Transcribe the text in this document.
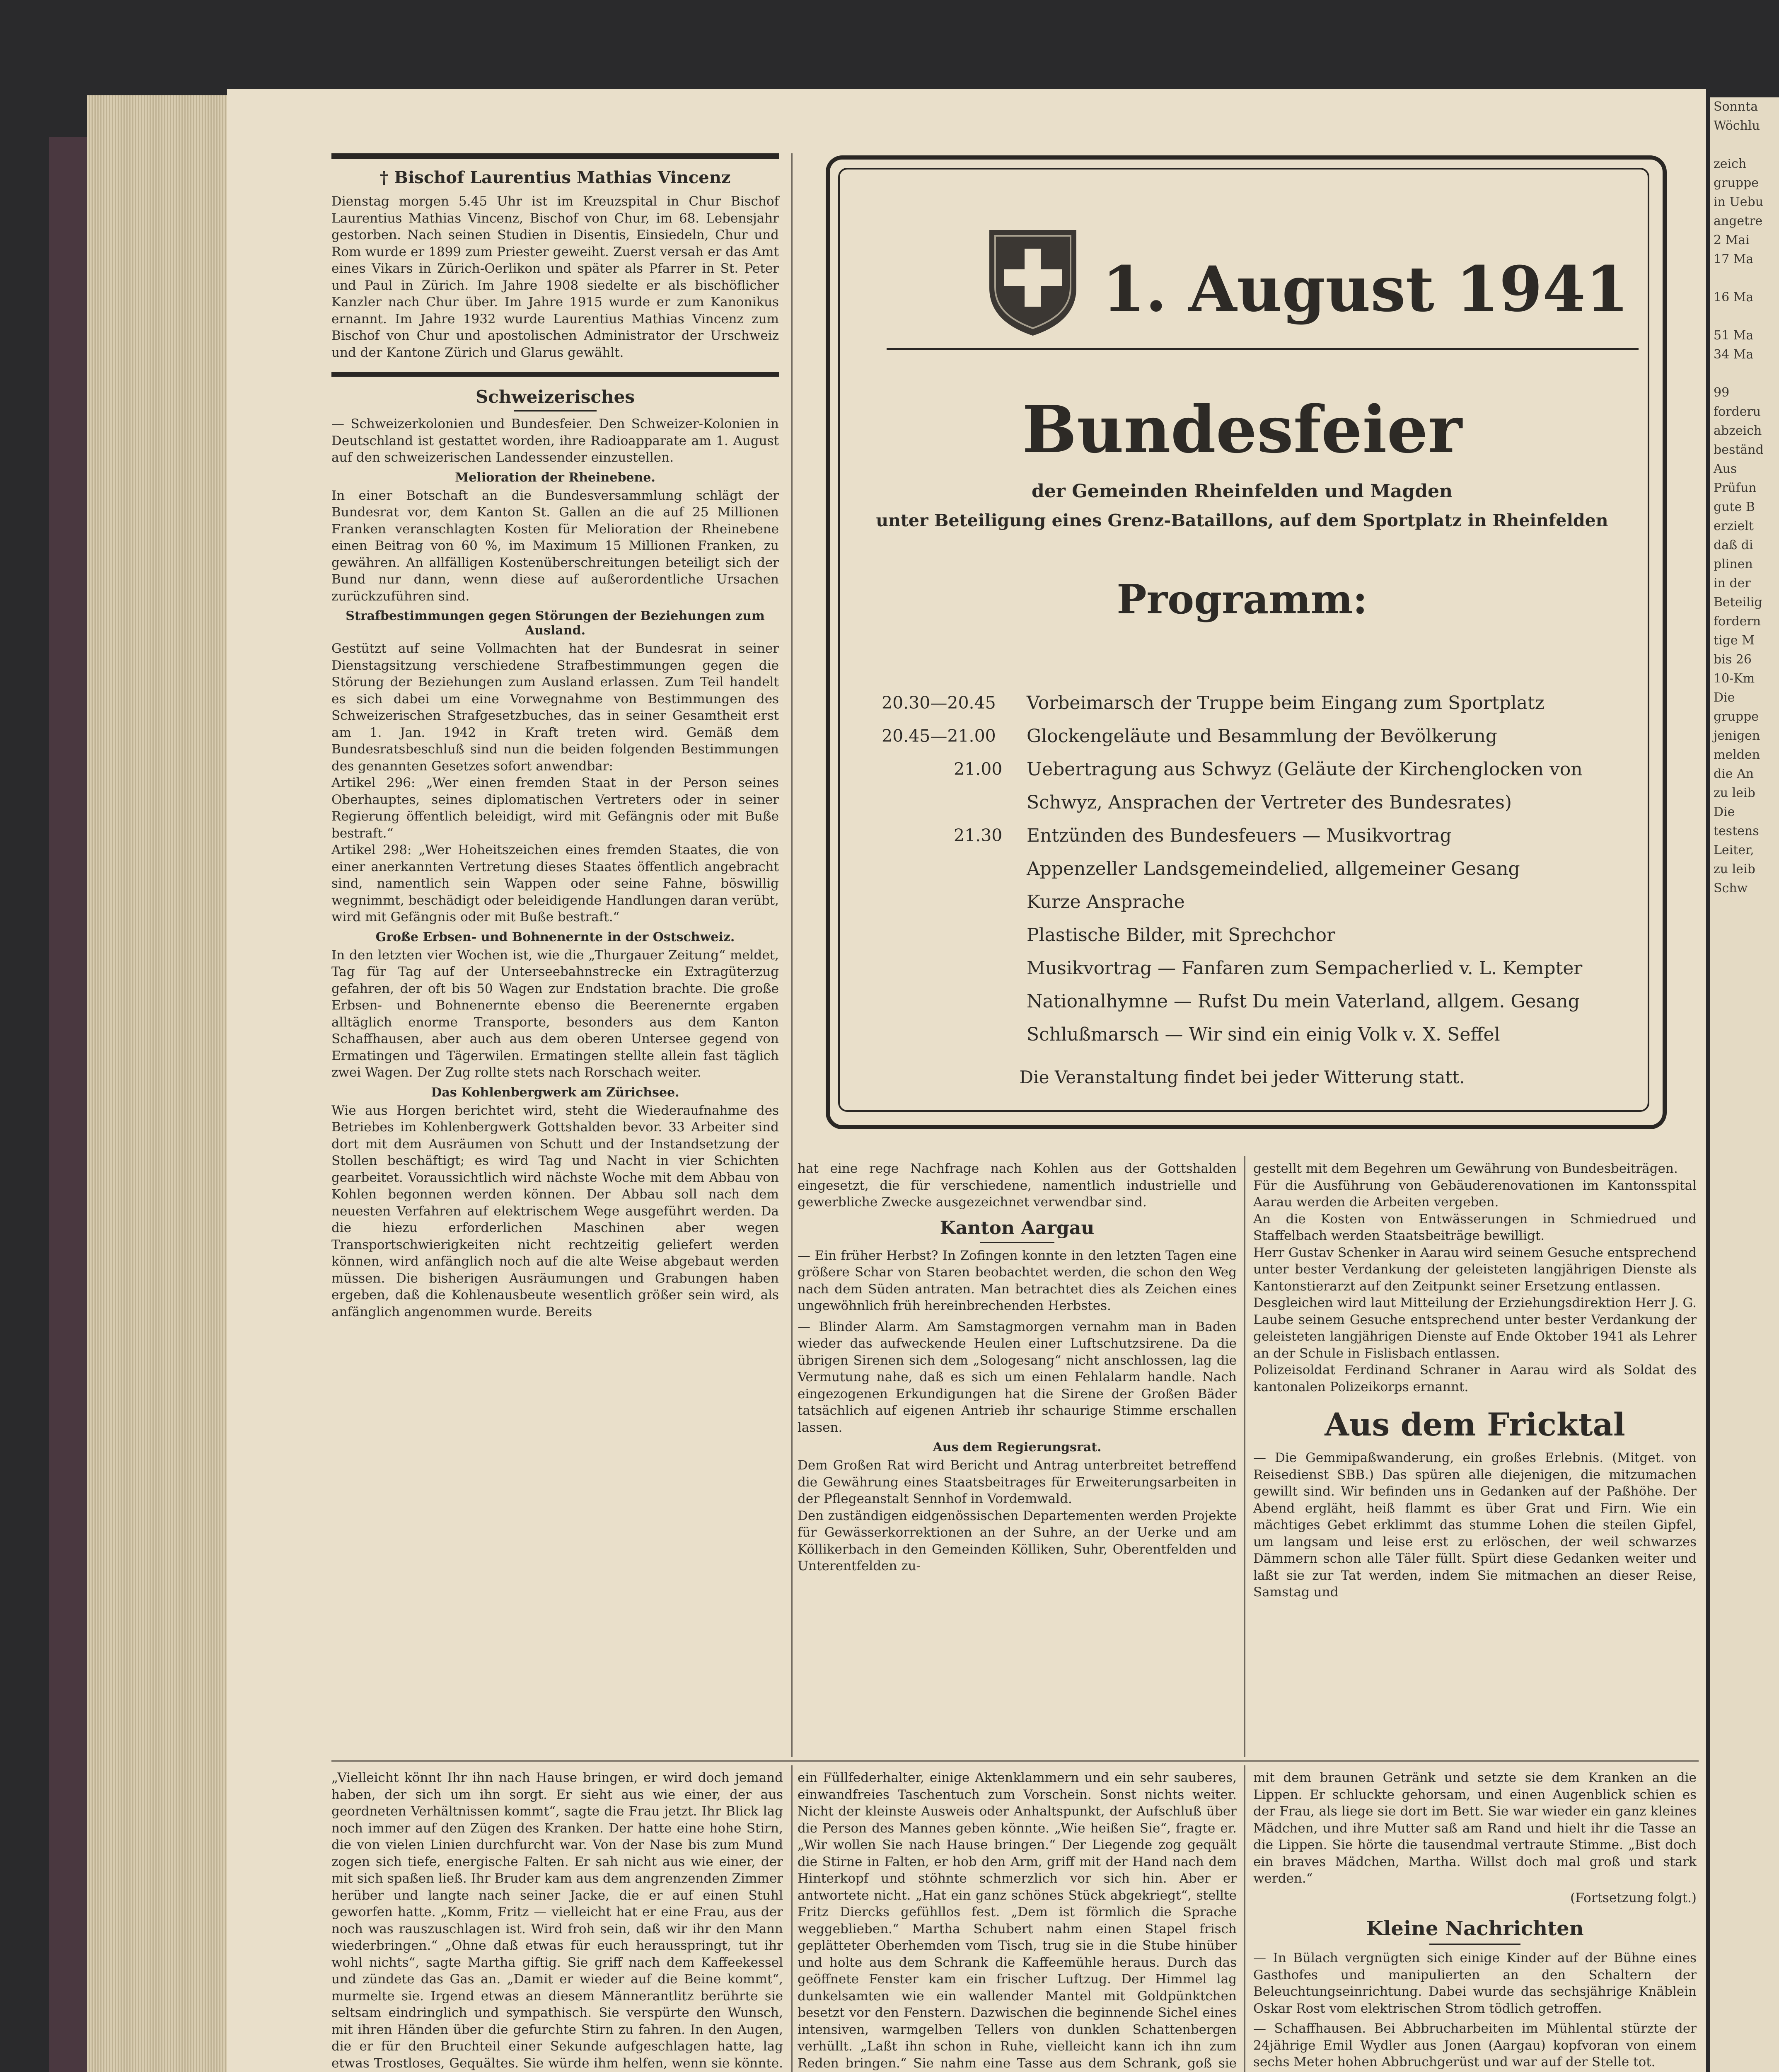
Sonnta
Wöchlu

zeich
gruppe
in Uebu
angetre
2 Mai
17 Ma

16 Ma

51 Ma
34 Ma

99
forderu
abzeich
beständ
Aus
Prüfun
gute B
erzielt
daß di
plinen
in der
Beteilig
fordern
tige M
bis 26
10-Km
Die
gruppe
jenigen
melden
die An
zu leib
Die
testens
Leiter,
zu leib
Schw

† Bischof Laurentius Mathias Vincenz

Dienstag morgen 5.45 Uhr ist im Kreuzspital in Chur Bischof Laurentius Mathias Vincenz, Bischof von Chur, im 68. Lebensjahr gestorben. Nach seinen Studien in Disentis, Einsiedeln, Chur und Rom wurde er 1899 zum Priester geweiht. Zuerst versah er das Amt eines Vikars in Zürich-Oerlikon und später als Pfarrer in St. Peter und Paul in Zürich. Im Jahre 1908 siedelte er als bischöflicher Kanzler nach Chur über. Im Jahre 1915 wurde er zum Kanonikus ernannt. Im Jahre 1932 wurde Laurentius Mathias Vincenz zum Bischof von Chur und apostolischen Administrator der Urschweiz und der Kantone Zürich und Glarus gewählt.

Schweizerisches

— Schweizerkolonien und Bundesfeier. Den Schweizer-Kolonien in Deutschland ist gestattet worden, ihre Radioapparate am 1. August auf den schweizerischen Landessender einzustellen.

Melioration der Rheinebene.

In einer Botschaft an die Bundesversammlung schlägt der Bundesrat vor, dem Kanton St. Gallen an die auf 25 Millionen Franken veranschlagten Kosten für Melioration der Rheinebene einen Beitrag von 60 %, im Maximum 15 Millionen Franken, zu gewähren. An allfälligen Kostenüberschreitungen beteiligt sich der Bund nur dann, wenn diese auf außerordentliche Ursachen zurückzuführen sind.

Strafbestimmungen gegen Störungen der Beziehungen zum Ausland.

Gestützt auf seine Vollmachten hat der Bundesrat in seiner Dienstagsitzung verschiedene Strafbestimmungen gegen die Störung der Beziehungen zum Ausland erlassen. Zum Teil handelt es sich dabei um eine Vorwegnahme von Bestimmungen des Schweizerischen Strafgesetzbuches, das in seiner Gesamtheit erst am 1. Jan. 1942 in Kraft treten wird. Gemäß dem Bundesratsbeschluß sind nun die beiden folgenden Bestimmungen des genannten Gesetzes sofort anwendbar:

Artikel 296: „Wer einen fremden Staat in der Person seines Oberhauptes, seines diplomatischen Vertreters oder in seiner Regierung öffentlich beleidigt, wird mit Gefängnis oder mit Buße bestraft.“

Artikel 298: „Wer Hoheitszeichen eines fremden Staates, die von einer anerkannten Vertretung dieses Staates öffentlich angebracht sind, namentlich sein Wappen oder seine Fahne, böswillig wegnimmt, beschädigt oder beleidigende Handlungen daran verübt, wird mit Gefängnis oder mit Buße bestraft.“

Große Erbsen- und Bohnenernte in der Ostschweiz.

In den letzten vier Wochen ist, wie die „Thurgauer Zeitung“ meldet, Tag für Tag auf der Unterseebahnstrecke ein Extragüterzug gefahren, der oft bis 50 Wagen zur Endstation brachte. Die große Erbsen- und Bohnenernte ebenso die Beerenernte ergaben alltäglich enorme Transporte, besonders aus dem Kanton Schaffhausen, aber auch aus dem oberen Untersee gegend von Ermatingen und Tägerwilen. Ermatingen stellte allein fast täglich zwei Wagen. Der Zug rollte stets nach Rorschach weiter.

Das Kohlenbergwerk am Zürichsee.

Wie aus Horgen berichtet wird, steht die Wiederaufnahme des Betriebes im Kohlenbergwerk Gottshalden bevor. 33 Arbeiter sind dort mit dem Ausräumen von Schutt und der Instandsetzung der Stollen beschäftigt; es wird Tag und Nacht in vier Schichten gearbeitet. Voraussichtlich wird nächste Woche mit dem Abbau von Kohlen begonnen werden können. Der Abbau soll nach dem neuesten Verfahren auf elektrischem Wege ausgeführt werden. Da die hiezu erforderlichen Maschinen aber wegen Transportschwierigkeiten nicht rechtzeitig geliefert werden können, wird anfänglich noch auf die alte Weise abgebaut werden müssen. Die bisherigen Ausräumungen und Grabungen haben ergeben, daß die Kohlenausbeute wesentlich größer sein wird, als anfänglich angenommen wurde. Bereits

1. August 1941
Bundesfeier
der Gemeinden Rheinfelden und Magden
unter Beteiligung eines Grenz-Bataillons, auf dem Sportplatz in Rheinfelden
Programm:
20.30—20.45 Vorbeimarsch der Truppe beim Eingang zum Sportplatz
20.45—21.00 Glockengeläute und Besammlung der Bevölkerung
21.00 Uebertragung aus Schwyz (Geläute der Kirchenglocken von
Schwyz, Ansprachen der Vertreter des Bundesrates)
21.30 Entzünden des Bundesfeuers — Musikvortrag
Appenzeller Landsgemeindelied, allgemeiner Gesang
Kurze Ansprache
Plastische Bilder, mit Sprechchor
Musikvortrag — Fanfaren zum Sempacherlied v. L. Kempter
Nationalhymne — Rufst Du mein Vaterland, allgem. Gesang
Schlußmarsch — Wir sind ein einig Volk v. X. Seffel
Die Veranstaltung findet bei jeder Witterung statt.

hat eine rege Nachfrage nach Kohlen aus der Gottshalden eingesetzt, die für verschiedene, namentlich industrielle und gewerbliche Zwecke ausgezeichnet verwendbar sind.

Kanton Aargau

— Ein früher Herbst? In Zofingen konnte in den letzten Tagen eine größere Schar von Staren beobachtet werden, die schon den Weg nach dem Süden antraten. Man betrachtet dies als Zeichen eines ungewöhnlich früh hereinbrechenden Herbstes.

— Blinder Alarm. Am Samstagmorgen vernahm man in Baden wieder das aufweckende Heulen einer Luftschutzsirene. Da die übrigen Sirenen sich dem „Sologesang“ nicht anschlossen, lag die Vermutung nahe, daß es sich um einen Fehlalarm handle. Nach eingezogenen Erkundigungen hat die Sirene der Großen Bäder tatsächlich auf eigenen Antrieb ihr schaurige Stimme erschallen lassen.

Aus dem Regierungsrat.

Dem Großen Rat wird Bericht und Antrag unterbreitet betreffend die Gewährung eines Staatsbeitrages für Erweiterungsarbeiten in der Pflegeanstalt Sennhof in Vordemwald.

Den zuständigen eidgenössischen Departementen werden Projekte für Gewässerkorrektionen an der Suhre, an der Uerke und am Köllikerbach in den Gemeinden Kölliken, Suhr, Oberentfelden und Unterentfelden zu-

gestellt mit dem Begehren um Gewährung von Bundesbeiträgen.

Für die Ausführung von Gebäuderenovationen im Kantonsspital Aarau werden die Arbeiten vergeben.

An die Kosten von Entwässerungen in Schmiedrued und Staffelbach werden Staatsbeiträge bewilligt.

Herr Gustav Schenker in Aarau wird seinem Gesuche entsprechend unter bester Verdankung der geleisteten langjährigen Dienste als Kantonstierarzt auf den Zeitpunkt seiner Ersetzung entlassen.

Desgleichen wird laut Mitteilung der Erziehungsdirektion Herr J. G. Laube seinem Gesuche entsprechend unter bester Verdankung der geleisteten langjährigen Dienste auf Ende Oktober 1941 als Lehrer an der Schule in Fislisbach entlassen.

Polizeisoldat Ferdinand Schraner in Aarau wird als Soldat des kantonalen Polizeikorps ernannt.

Aus dem Fricktal

— Die Gemmipaßwanderung, ein großes Erlebnis. (Mitget. von Reisedienst SBB.) Das spüren alle diejenigen, die mitzumachen gewillt sind. Wir befinden uns in Gedanken auf der Paßhöhe. Der Abend ergläht, heiß flammt es über Grat und Firn. Wie ein mächtiges Gebet erklimmt das stumme Lohen die steilen Gipfel, um langsam und leise erst zu erlöschen, der weil schwarzes Dämmern schon alle Täler füllt. Spürt diese Gedanken weiter und laßt sie zur Tat werden, indem Sie mitmachen an dieser Reise, Samstag und

„Vielleicht könnt Ihr ihn nach Hause bringen, er wird doch jemand haben, der sich um ihn sorgt. Er sieht aus wie einer, der aus geordneten Verhältnissen kommt“, sagte die Frau jetzt. Ihr Blick lag noch immer auf den Zügen des Kranken. Der hatte eine hohe Stirn, die von vielen Linien durchfurcht war. Von der Nase bis zum Mund zogen sich tiefe, energische Falten. Er sah nicht aus wie einer, der mit sich spaßen ließ. Ihr Bruder kam aus dem angrenzenden Zimmer herüber und langte nach seiner Jacke, die er auf einen Stuhl geworfen hatte. „Komm, Fritz — vielleicht hat er eine Frau, aus der noch was rauszuschlagen ist. Wird froh sein, daß wir ihr den Mann wiederbringen.“ „Ohne daß etwas für euch herausspringt, tut ihr wohl nichts“, sagte Martha giftig. Sie griff nach dem Kaffeekessel und zündete das Gas an. „Damit er wieder auf die Beine kommt“, murmelte sie. Irgend etwas an diesem Männerantlitz berührte sie seltsam eindringlich und sympathisch. Sie verspürte den Wunsch, mit ihren Händen über die gefurchte Stirn zu fahren. In den Augen, die er für den Bruchteil einer Sekunde aufgeschlagen hatte, lag etwas Trostloses, Gequältes. Sie würde ihm helfen, wenn sie könnte.

ein Füllfederhalter, einige Aktenklammern und ein sehr sauberes, einwandfreies Taschentuch zum Vorschein. Sonst nichts weiter. Nicht der kleinste Ausweis oder Anhaltspunkt, der Aufschluß über die Person des Mannes geben könnte. „Wie heißen Sie“, fragte er. „Wir wollen Sie nach Hause bringen.“ Der Liegende zog gequält die Stirne in Falten, er hob den Arm, griff mit der Hand nach dem Hinterkopf und stöhnte schmerzlich vor sich hin. Aber er antwortete nicht. „Hat ein ganz schönes Stück abgekriegt“, stellte Fritz Diercks gefühllos fest. „Dem ist förmlich die Sprache weggeblieben.“ Martha Schubert nahm einen Stapel frisch geplätteter Oberhemden vom Tisch, trug sie in die Stube hinüber und holte aus dem Schrank die Kaffeemühle heraus. Durch das geöffnete Fenster kam ein frischer Luftzug. Der Himmel lag dunkelsamten wie ein wallender Mantel mit Goldpünktchen besetzt vor den Fenstern. Dazwischen die beginnende Sichel eines intensiven, warmgelben Tellers von dunklen Schattenbergen verhüllt. „Laßt ihn schon in Ruhe, vielleicht kann ich ihn zum Reden bringen.“ Sie nahm eine Tasse aus dem Schrank, goß sie

mit dem braunen Getränk und setzte sie dem Kranken an die Lippen. Er schluckte gehorsam, und einen Augenblick schien es der Frau, als liege sie dort im Bett. Sie war wieder ein ganz kleines Mädchen, und ihre Mutter saß am Rand und hielt ihr die Tasse an die Lippen. Sie hörte die tausendmal vertraute Stimme. „Bist doch ein braves Mädchen, Martha. Willst doch mal groß und stark werden.“

(Fortsetzung folgt.)

Kleine Nachrichten

— In Bülach vergnügten sich einige Kinder auf der Bühne eines Gasthofes und manipulierten an den Schaltern der Beleuchtungseinrichtung. Dabei wurde das sechsjährige Knäblein Oskar Rost vom elektrischen Strom tödlich getroffen.

— Schaffhausen. Bei Abbrucharbeiten im Mühlental stürzte der 24jährige Emil Wydler aus Jonen (Aargau) kopfvoran von einem sechs Meter hohen Abbruchgerüst und war auf der Stelle tot.
